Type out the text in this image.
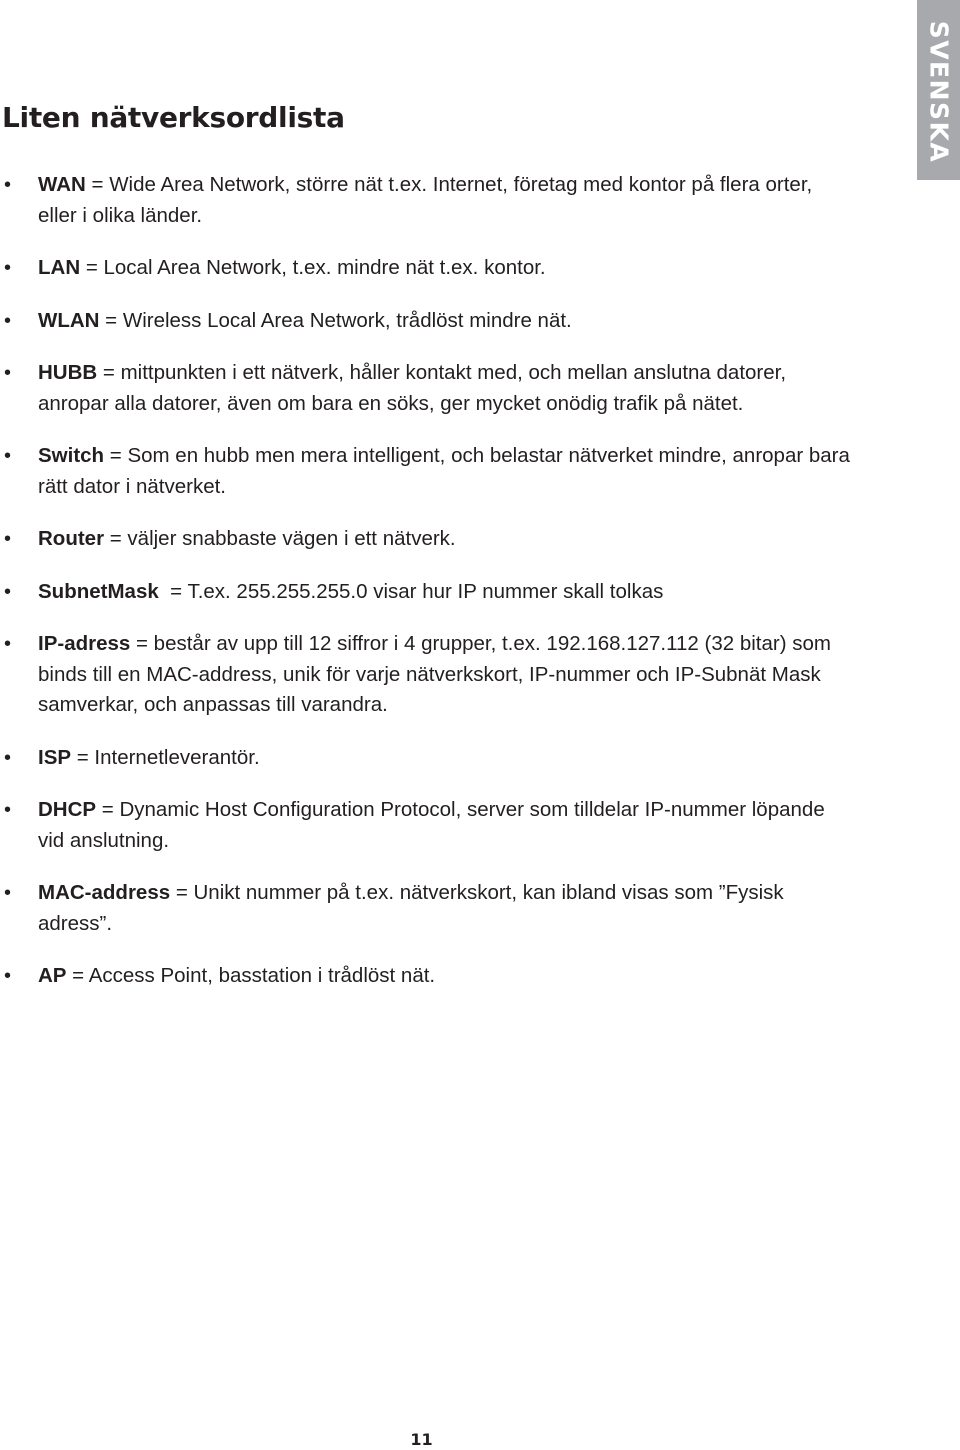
SVENSKA
Liten nätverksordlista
• WAN = Wide Area Network, större nät t.ex. Internet, företag med kontor på flera orter, eller i olika länder.
• LAN = Local Area Network, t.ex. mindre nät t.ex. kontor.
• WLAN = Wireless Local Area Network, trådlöst mindre nät.
• HUBB = mittpunkten i ett nätverk, håller kontakt med, och mellan anslutna datorer, anropar alla datorer, även om bara en söks, ger mycket onödig trafik på nätet.
• Switch = Som en hubb men mera intelligent, och belastar nätverket mindre, anropar bara rätt dator i nätverket.
• Router = väljer snabbaste vägen i ett nätverk.
• SubnetMask  = T.ex. 255.255.255.0 visar hur IP nummer skall tolkas
• IP-adress = består av upp till 12 siffror i 4 grupper, t.ex. 192.168.127.112 (32 bitar) som binds till en MAC-address, unik för varje nätverkskort, IP-nummer och IP-Subnät Mask samverkar, och anpassas till varandra.
• ISP = Internetleverantör.
• DHCP = Dynamic Host Configuration Protocol, server som tilldelar IP-nummer löpande vid anslutning.
• MAC-address = Unikt nummer på t.ex. nätverkskort, kan ibland visas som ”Fysisk adress”.
• AP = Access Point, basstation i trådlöst nät.
11
